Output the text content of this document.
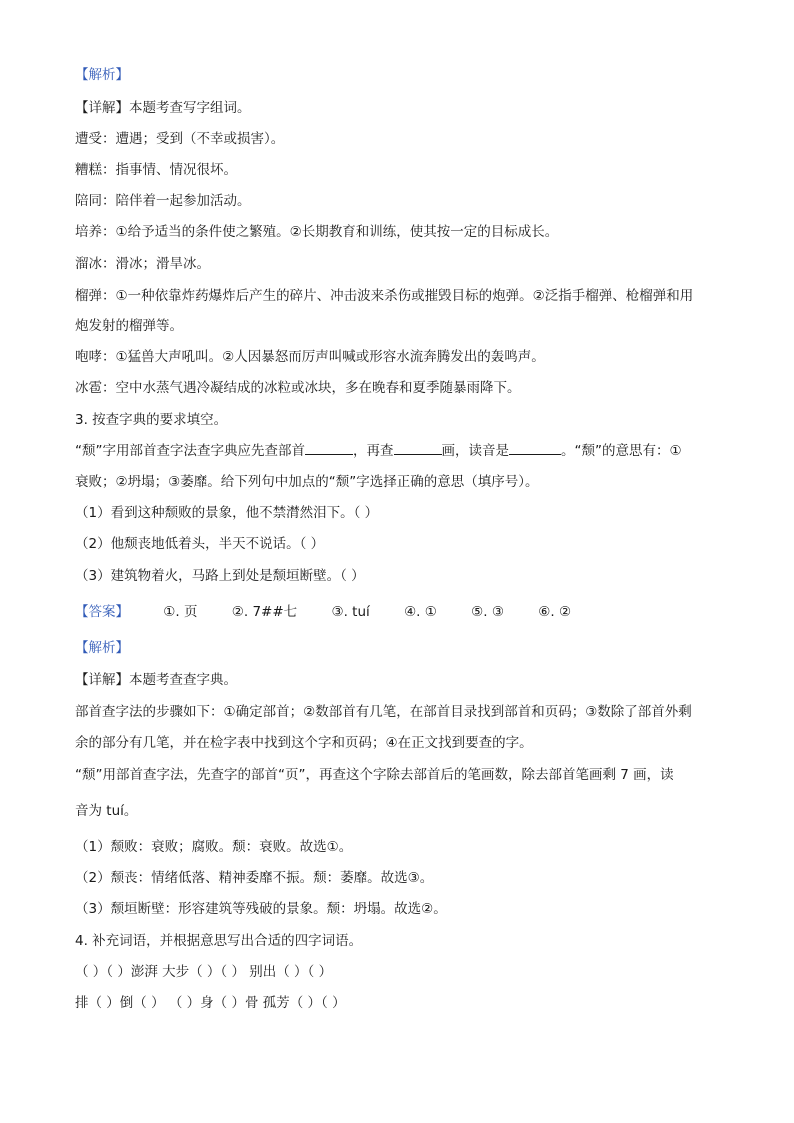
【解析】
【详解】本题考查写字组词。
遭受：遭遇；受到（不幸或损害）。
糟糕：指事情、情况很坏。
陪同：陪伴着一起参加活动。
培养：①给予适当的条件使之繁殖。②长期教育和训练，使其按一定的目标成长。
溜冰：滑冰；滑旱冰。
榴弹：①一种依靠炸药爆炸后产生的碎片、冲击波来杀伤或摧毁目标的炮弹。②泛指手榴弹、枪榴弹和用
炮发射的榴弹等。
咆哮：①猛兽大声吼叫。②人因暴怒而厉声叫喊或形容水流奔腾发出的轰鸣声。
冰雹：空中水蒸气遇冷凝结成的冰粒或冰块，多在晚春和夏季随暴雨降下。
3. 按查字典的要求填空。
“颓”字用部首查字法查字典应先查部首	，再查	画，读音是	。“颓”的意思有：①
衰败；②坍塌；③萎靡。给下列句中加点的“颓”字选择正确的意思（填序号）。
（1）看到这种颓败的景象，他不禁潸然泪下。（ ）
（2）他颓丧地低着头，半天不说话。（ ）
（3）建筑物着火，马路上到处是颓垣断壁。（ ）
【答案】	①. 页	②. 7##七	③. tuí	④. ①	⑤. ③	⑥. ②
【解析】
【详解】本题考查查字典。
部首查字法的步骤如下：①确定部首；②数部首有几笔，在部首目录找到部首和页码；③数除了部首外剩
余的部分有几笔，并在检字表中找到这个字和页码；④在正文找到要查的字。
“颓”用部首查字法，先查字的部首“页”，再查这个字除去部首后的笔画数，除去部首笔画剩 7 画，读
音为 tuí。
（1）颓败：衰败；腐败。颓：衰败。故选①。
（2）颓丧：情绪低落、精神委靡不振。颓：萎靡。故选③。
（3）颓垣断壁：形容建筑等残破的景象。颓：坍塌。故选②。
4. 补充词语，并根据意思写出合适的四字词语。
（ ）（ ）澎湃 大步（ ）（ ） 别出（ ）（ ）
排（ ）倒（ ） （ ）身（ ）骨 孤芳（ ）（ ）
